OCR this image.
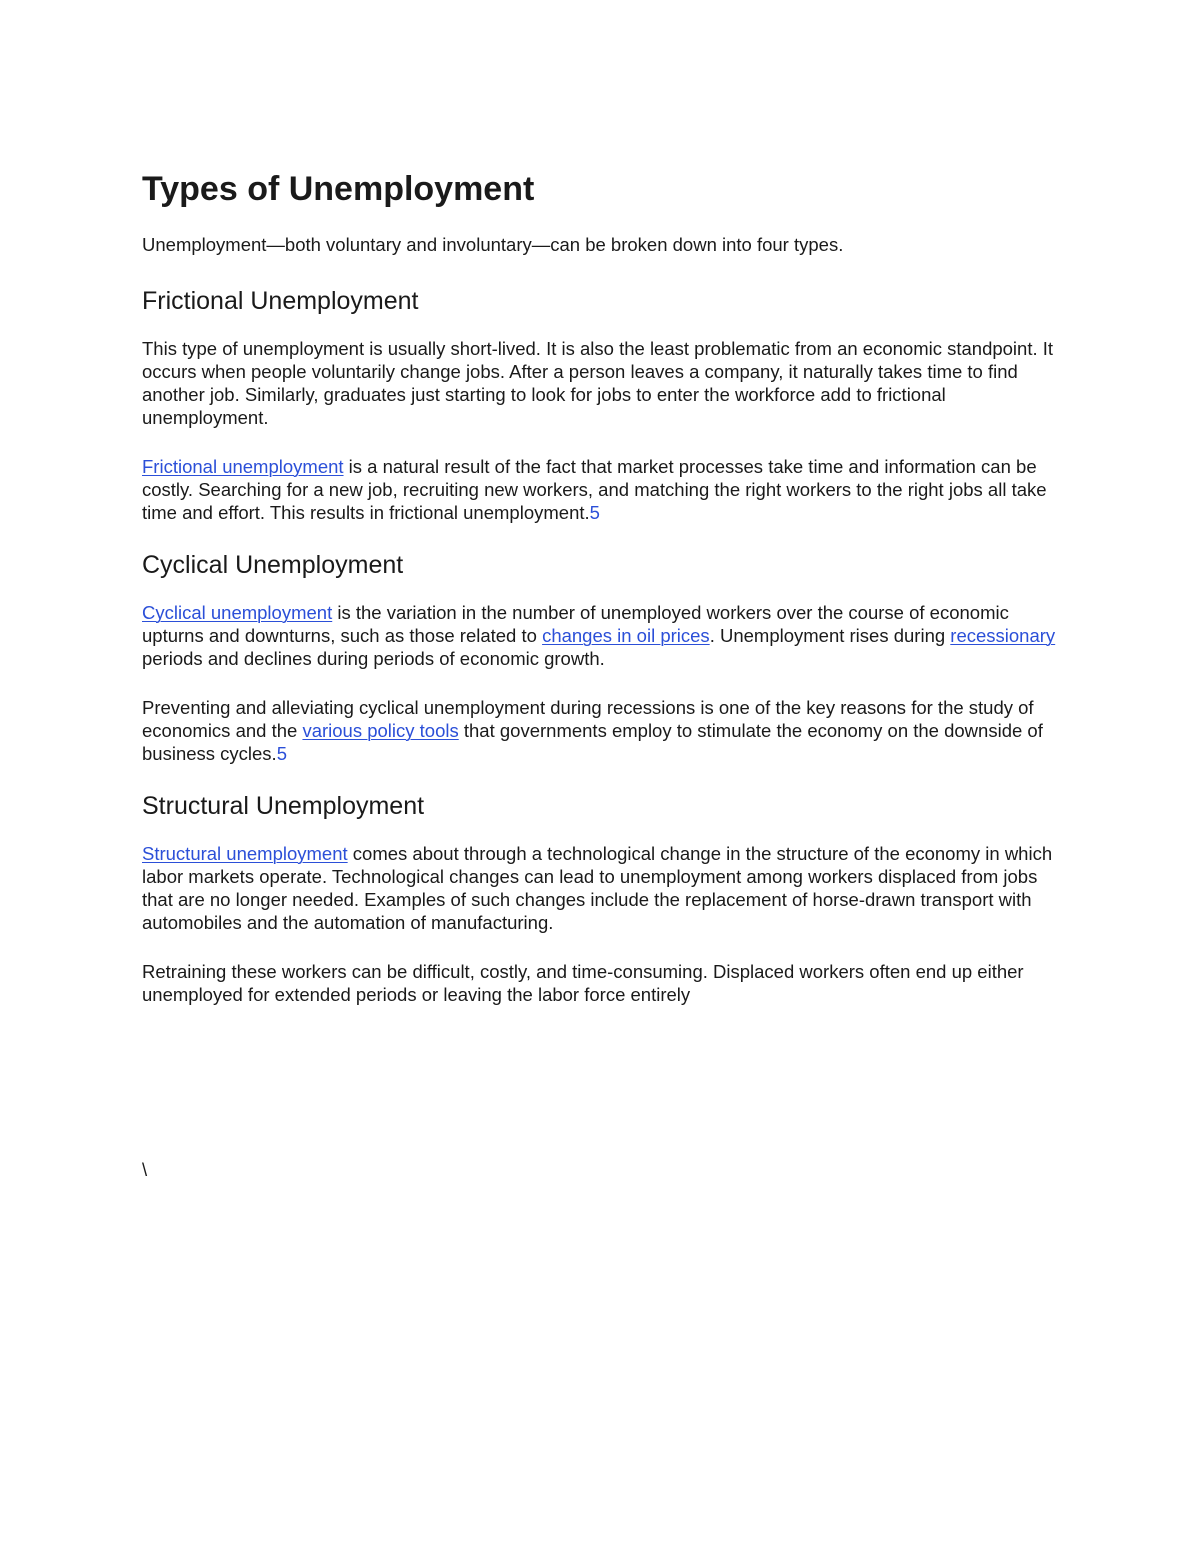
Types of Unemployment

Unemployment—both voluntary and involuntary—can be broken down into four types.

Frictional Unemployment

This type of unemployment is usually short-lived. It is also the least problematic from an economic standpoint. It occurs when people voluntarily change jobs. After a person leaves a company, it naturally takes time to find another job. Similarly, graduates just starting to look for jobs to enter the workforce add to frictional unemployment.

Frictional unemployment is a natural result of the fact that market processes take time and information can be costly. Searching for a new job, recruiting new workers, and matching the right workers to the right jobs all take time and effort. This results in frictional unemployment.5

Cyclical Unemployment

Cyclical unemployment is the variation in the number of unemployed workers over the course of economic upturns and downturns, such as those related to changes in oil prices. Unemployment rises during recessionary periods and declines during periods of economic growth.

Preventing and alleviating cyclical unemployment during recessions is one of the key reasons for the study of economics and the various policy tools that governments employ to stimulate the economy on the downside of business cycles.5

Structural Unemployment

Structural unemployment comes about through a technological change in the structure of the economy in which labor markets operate. Technological changes can lead to unemployment among workers displaced from jobs that are no longer needed. Examples of such changes include the replacement of horse-drawn transport with automobiles and the automation of manufacturing.

Retraining these workers can be difficult, costly, and time-consuming. Displaced workers often end up either unemployed for extended periods or leaving the labor force entirely

\
